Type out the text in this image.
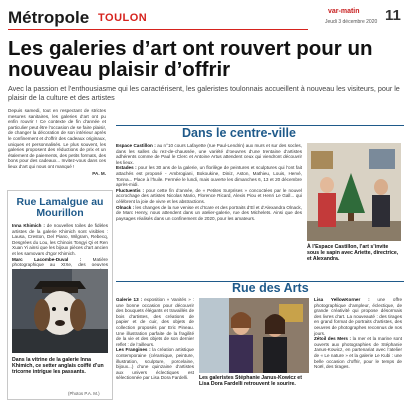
Métropole TOULON
var-matin
Jeudi 3 décembre 2020 11
Les galeries d’art ont rouvert pour un nouveau plaisir d’offrir
Avec la passion et l’enthousiasme qui les caractérisent, les galeristes toulonnais accueillent à nouveau les visiteurs, pour le plaisir de la culture et des artistes
Depuis samedi, tout en respectant de strictes mesures sanitaires, les galeries d’art ont pu enfin rouvrir ! Ce contexte de fin d’année et particulier peut être l’occasion de se faire plaisir, de changer la décoration de son intérieur après le confinement et d’offrir des cadeaux originaux, uniques et personnalisés. Le plus souvent, les galeries proposent des réductions de prix et un étalement de paiements, des petits formats, des bons pour des cadeaux... Invitez-vous dans ces lieux d’art qui nous ont manqué !
PA. M.
Rue Lamalgue au Mourillon
Inna Khimich : de nouvelles toiles de fidèles artistes de la galerie Khimich sont visibles : Lausa, Creston, Del Piano, Wilgram, Rebecq, Desgrées du Lou, les Chinois Tongyi Qi et Ren Xuan Yi ainsi que les bijoux pièces d’art ancien et les samovars d’Igor Khimich.
Marc Lacombe-Duval : Matière photographique au XIXe, des oeuvres
Dans la vitrine de la galerie Inna Khimich, ce setter anglais coiffé d’un tricorne intrigue les passants.
(Photos P.A. M.)
Dans le centre-ville
Espace Castillon : au n°10 cours Lafayette (rue Paul-Lendrin) aux murs et sur des socles, dans les salles du rez-de-chaussée, une variété d’oeuvres d’une trentaine d’artistes adhérents comme de Paul le Clerc et Antoine Artus attendent ceux qui viendront découvrir les lieux.
Estades : pour les 30 ans de la galerie, un florilège de peintures et sculptures qui l’ont fait attachés est proposé - Ambrogiani, Bokoukine, Diniz, Aston, Mathieu, Louis, Hervé, Tonna... Place à l’huile. Fermée le lundi, mais ouverte les dimanches 6, 13 et 20 décembre après-midi.
Fluctuentis : pour cette fin d’année, de « Petites Surprises » concoctées par le nouvel accrochage des artistes Nicolas Mario, Florence Ricard, Alexis Piou et Henri Le Gall... qui célèbrent la joie de vivre et les abstractions.
Olnack : les changes de la rue venise et d’Icare et des portraits d’El et d’Alexandra Olnack, de Marc Henry, nous attendent dans un atelier-galerie, rue des Michelets. Ainsi que des paysages réalisés dans un confinement de 2020, pour les amateurs.
À l’Espace Castillon, l’art s’invite sous le sapin avec Ariette, directrice, et Alexandra.
Rue des Arts
Galerie 13 : exposition « Vanités » : une bonne occasion pour découvrir des bouquets élégants et travaillés de bois d’artistes, des créations de papier et de cuir, des objets de collection proposés par Eric Pineau. Une illustration parfaite de la fragilité de la vie et des objets de son dernier reflet : de l’ailleurs.
Les Frangines : la création artistique contemporaine (céramique, peinture, illustration, sculpture, porcelaine, bijoux...) d’une quinzaine d’artistes aux univers éclectiques est sélectionnée par Lisa Dora Fardelli.	Les galeristes Stéphanie Janus-Kowicz et Lisa Dora Fardelli retrouvent le sourire.
Lisa YellowKorner : une offre photographique d’ampleur, éclectique, de grande créativité qui propose désormais des livres d’art. La nouveauté : des tirages en grand format de portraits d’artistes, des oeuvres de photographes reconnus de nos jours.
Zétoil des Mers : la mer et la marine sont ouverts aux photographies de Stéphanie Janus-Kowicz, en partenariat avec l’atelier de « Le nature » et la galerie Le Kubi : une belle occasion d’offrir, pour le temps de Noël, des tirages.
